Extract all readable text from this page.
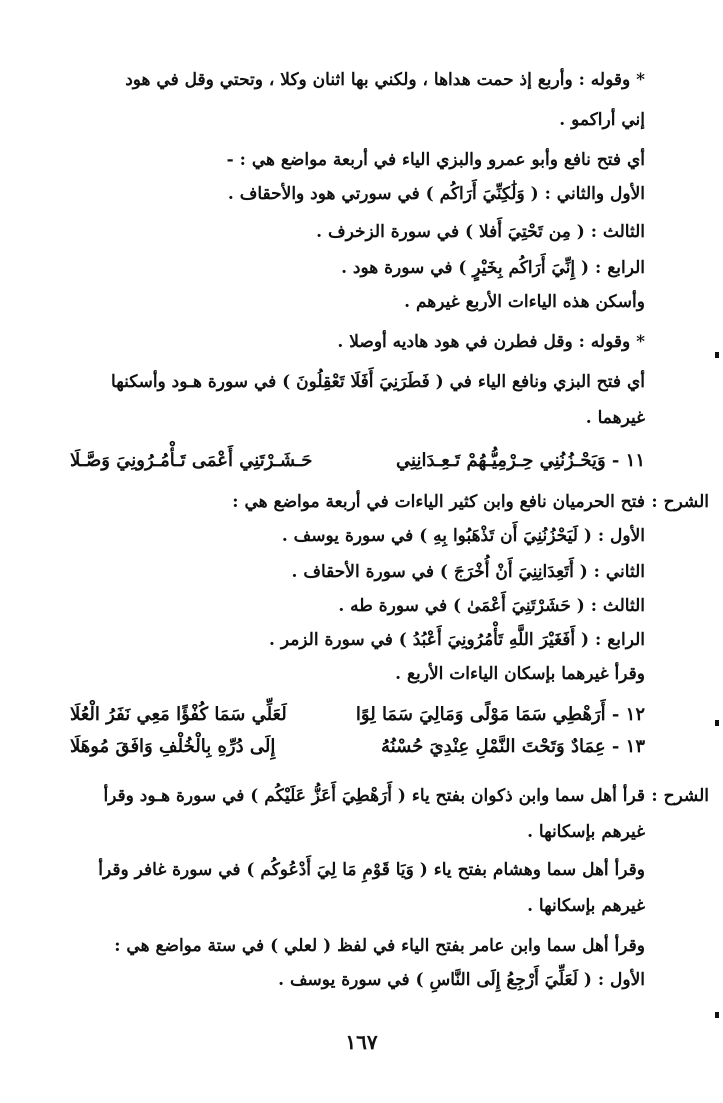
* وقوله : وأربع إذ حمت هداها ، ولكني بها اثنان وكلا ، وتحتي وقل في هود
إني أراكمو .
أي فتح نافع وأبو عمرو والبزي الياء في أربعة مواضع هي : -
الأول والثاني : ( وَلَٰكِنِّيَ أَرَاكُم ) في سورتي هود والأحقاف .
الثالث : ( مِن تَحْتِيَ أَفلا ) في سورة الزخرف .
الرابع : ( إِنِّيَ أَرَاكُم بِخَيْرٍ ) في سورة هود .
وأسكن هذه الياءات الأربع غيرهم .
* وقوله : وقل فطرن في هود هاديه أوصلا .
أي فتح البزي ونافع الياء في ( فَطَرَنِيَ أَفَلَا تَعْقِلُونَ ) في سورة هـود وأسكنها
غيرهما .
١١ - وَيَحْـزُنُنِي حِـرْمِيُّـهُمْ تَـعِـدَانِنِي
حَـشَـرْتَنِي أَعْمَى تَـأْمُـرُونِيَ وَصَّـلَا
الشرح :
فتح الحرميان نافع وابن كثير الياءات في أربعة مواضع هي :
الأول : ( لَيَحْزُنُنِيَ أَن تَذْهَبُوا بِهِ ) في سورة يوسف .
الثاني : ( أَتَعِدَانِنِيَ أَنْ أُخْرَجَ ) في سورة الأحقاف .
الثالث : ( حَشَرْتَنِيَ أَعْمَىٰ ) في سورة طه .
الرابع : ( أَفَغَيْرَ اللَّهِ تَأْمُرُونِيَ أَعْبُدُ ) في سورة الزمر .
وقرأ غيرهما بإسكان الياءات الأربع .
١٢ - أَرَهْطِي سَمَا مَوْلًى وَمَالِيَ سَمَا لِوًا
لَعَلِّي سَمَا كُفْؤًا مَعِي نَفَرُ الْعُلَا
١٣ - عِمَادٌ وَتَحْتَ النَّمْلِ عِنْدِيَ حُسْنُهُ
إِلَى دُرِّهِ بِالْخُلْفِ وَافَقَ مُوهَلَا
الشرح :
قرأ أهل سما وابن ذكوان بفتح ياء ( أَرَهْطِيَ أَعَزُّ عَلَيْكُم ) في سورة هـود وقرأ
غيرهم بإسكانها .
وقرأ أهل سما وهشام بفتح ياء ( وَيَا قَوْمِ مَا لِيَ أَدْعُوكُم ) في سورة غافر وقرأ
غيرهم بإسكانها .
وقرأ أهل سما وابن عامر بفتح الياء في لفظ ( لعلي ) في ستة مواضع هي :
الأول : ( لَعَلِّيَ أَرْجِعُ إِلَى النَّاسِ ) في سورة يوسف .
١٦٧
